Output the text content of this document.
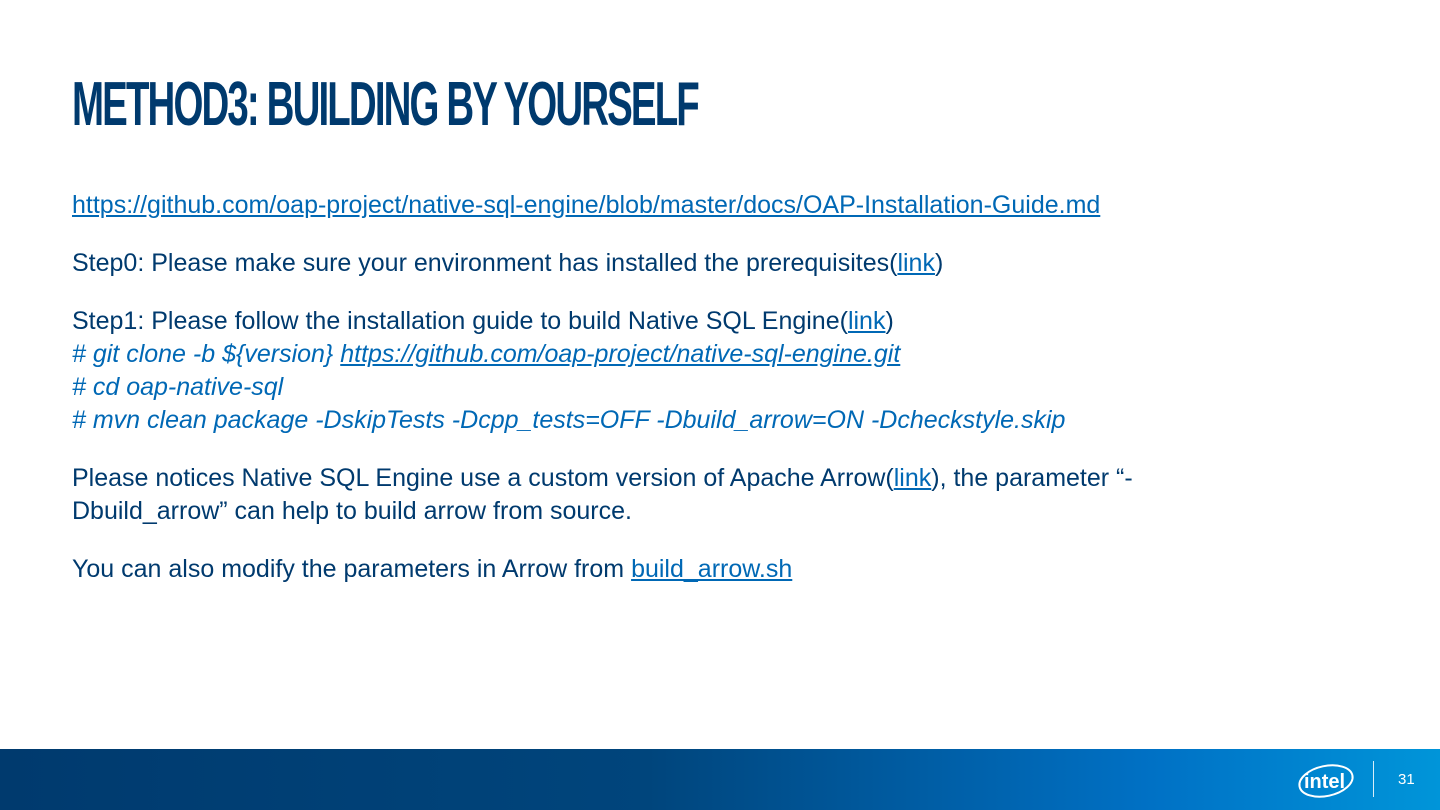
METHOD3: BUILDING BY YOURSELF

https://github.com/oap-project/native-sql-engine/blob/master/docs/OAP-Installation-Guide.md

Step0: Please make sure your environment has installed the prerequisites(link)

Step1: Please follow the installation guide to build Native SQL Engine(link)

# git clone -b ${version} https://github.com/oap-project/native-sql-engine.git

# cd oap-native-sql

# mvn clean package -DskipTests -Dcpp_tests=OFF -Dbuild_arrow=ON -Dcheckstyle.skip

Please notices Native SQL Engine use a custom version of Apache Arrow(link), the parameter “-
Dbuild_arrow” can help to build arrow from source.

You can also modify the parameters in Arrow from build_arrow.sh

intel	31
